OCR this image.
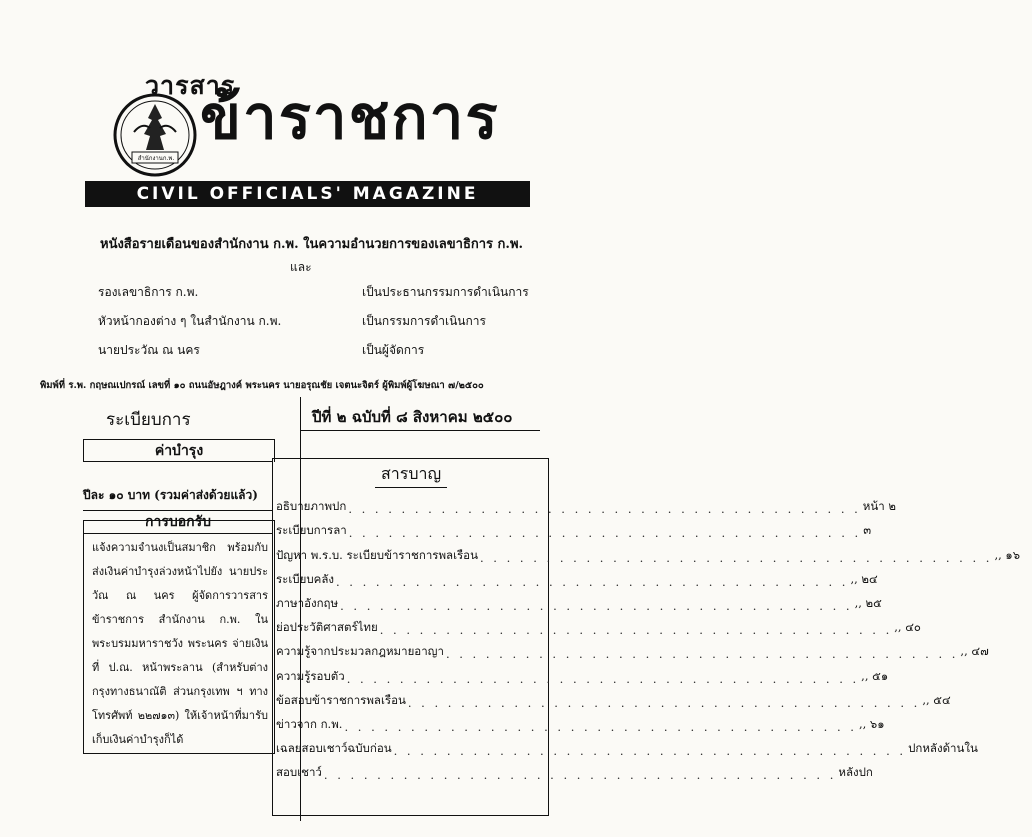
สำนักงานก.พ.
วารสาร
ข้าราชการ
CIVIL OFFICIALS' MAGAZINE
หนังสือรายเดือนของสำนักงาน ก.พ. ในความอำนวยการของเลขาธิการ ก.พ.
และ
รองเลขาธิการ ก.พ.	เป็นประธานกรรมการดำเนินการ
หัวหน้ากองต่าง ๆ ในสำนักงาน ก.พ.	เป็นกรรมการดำเนินการ
นายประวัณ ณ นคร	เป็นผู้จัดการ
พิมพ์ที่ ร.พ. กฤษณเปกรณ์ เลขที่ ๑๐ ถนนอัษฎางค์ พระนคร นายอรุณชัย เจตนะจิตร์ ผู้พิมพ์ผู้โฆษณา ๗/๒๕๐๐
ระเบียบการ
ค่าบำรุง
ปีละ ๑๐ บาท (รวมค่าส่งด้วยแล้ว)
การบอกรับ
แจ้งความจำนงเป็นสมาชิก พร้อมกับส่งเงินค่าบำรุงล่วงหน้าไปยัง นายประวัณ ณ นคร ผู้จัดการวารสารข้าราชการ สำนักงาน ก.พ. ในพระบรมมหาราชวัง พระนคร จ่ายเงินที่ ป.ณ. หน้าพระลาน (สำหรับต่างกรุงทางธนาณัติ ส่วนกรุงเทพ ฯ ทางโทรศัพท์ ๒๒๗๑๓) ให้เจ้าหน้าที่มารับเก็บเงินค่าบำรุงก็ได้
ปีที่ ๒ ฉบับที่ ๘ สิงหาคม ๒๕๐๐
สารบาญ
อธิบายภาพปก . . . . . . . . . . . . . . . . . . . . . . . . . . . . . . . . . . . . . . . หน้า ๒
ระเบียบการลา . . . . . . . . . . . . . . . . . . . . . . . . . . . . . . . . . . . . . . . ๓
ปัญหา พ.ร.บ. ระเบียบข้าราชการพลเรือน . . . . . . . . . . . . . . . . . . . . . . . . . . . . . . . . . . . . . . . ,, ๑๖
ระเบียบคลัง . . . . . . . . . . . . . . . . . . . . . . . . . . . . . . . . . . . . . . . ,, ๒๔
ภาษาอังกฤษ . . . . . . . . . . . . . . . . . . . . . . . . . . . . . . . . . . . . . . . ,, ๒๕
ย่อประวัติศาสตร์ไทย . . . . . . . . . . . . . . . . . . . . . . . . . . . . . . . . . . . . . . . ,, ๔๐
ความรู้จากประมวลกฎหมายอาญา . . . . . . . . . . . . . . . . . . . . . . . . . . . . . . . . . . . . . . . ,, ๔๗
ความรู้รอบตัว . . . . . . . . . . . . . . . . . . . . . . . . . . . . . . . . . . . . . . . ,, ๕๑
ข้อสอบข้าราชการพลเรือน . . . . . . . . . . . . . . . . . . . . . . . . . . . . . . . . . . . . . . . ,, ๕๔
ข่าวจาก ก.พ. . . . . . . . . . . . . . . . . . . . . . . . . . . . . . . . . . . . . . . . ,, ๖๑
เฉลยสอบเชาว์ฉบับก่อน . . . . . . . . . . . . . . . . . . . . . . . . . . . . . . . . . . . . . . . ปกหลังด้านใน
สอบเชาว์ . . . . . . . . . . . . . . . . . . . . . . . . . . . . . . . . . . . . . . . หลังปก
